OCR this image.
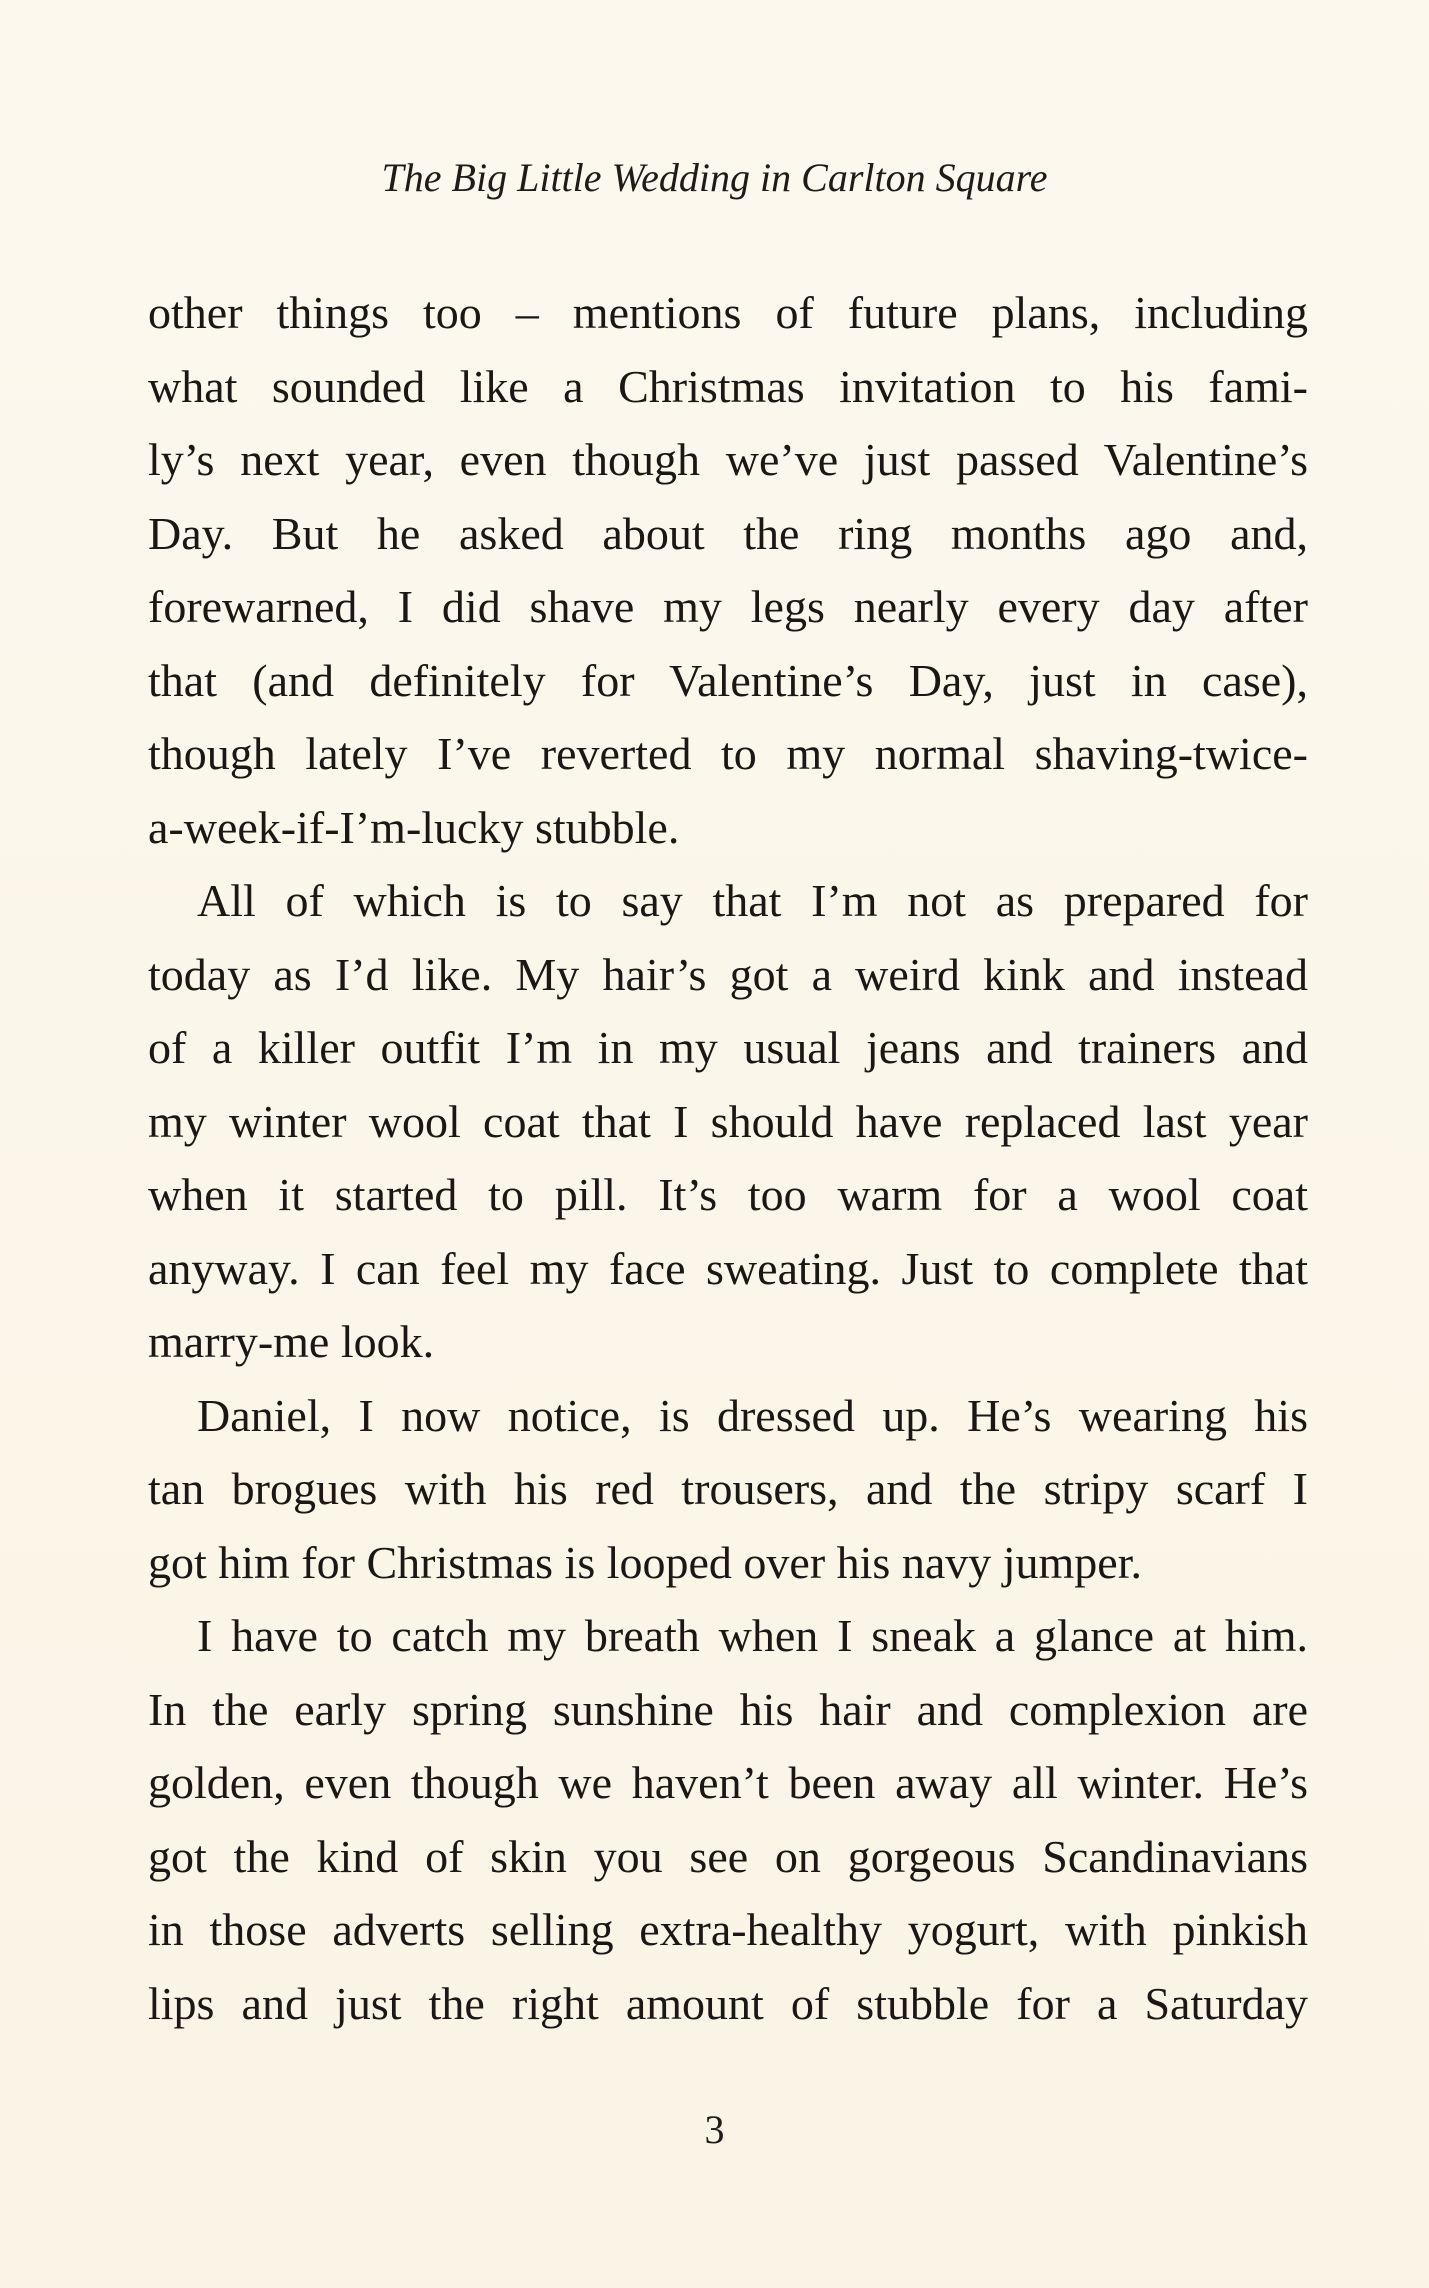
The Big Little Wedding in Carlton Square
other things too – mentions of future plans, including
what sounded like a Christmas invitation to his fami-
ly’s next year, even though we’ve just passed Valentine’s
Day. But he asked about the ring months ago and,
forewarned, I did shave my legs nearly every day after
that (and definitely for Valentine’s Day, just in case),
though lately I’ve reverted to my normal shaving-twice-
a-week-if-I’m-lucky stubble.
All of which is to say that I’m not as prepared for
today as I’d like. My hair’s got a weird kink and instead
of a killer outfit I’m in my usual jeans and trainers and
my winter wool coat that I should have replaced last year
when it started to pill. It’s too warm for a wool coat
anyway. I can feel my face sweating. Just to complete that
marry-me look.
Daniel, I now notice, is dressed up. He’s wearing his
tan brogues with his red trousers, and the stripy scarf I
got him for Christmas is looped over his navy jumper.
I have to catch my breath when I sneak a glance at him.
In the early spring sunshine his hair and complexion are
golden, even though we haven’t been away all winter. He’s
got the kind of skin you see on gorgeous Scandinavians
in those adverts selling extra-healthy yogurt, with pinkish
lips and just the right amount of stubble for a Saturday
3
